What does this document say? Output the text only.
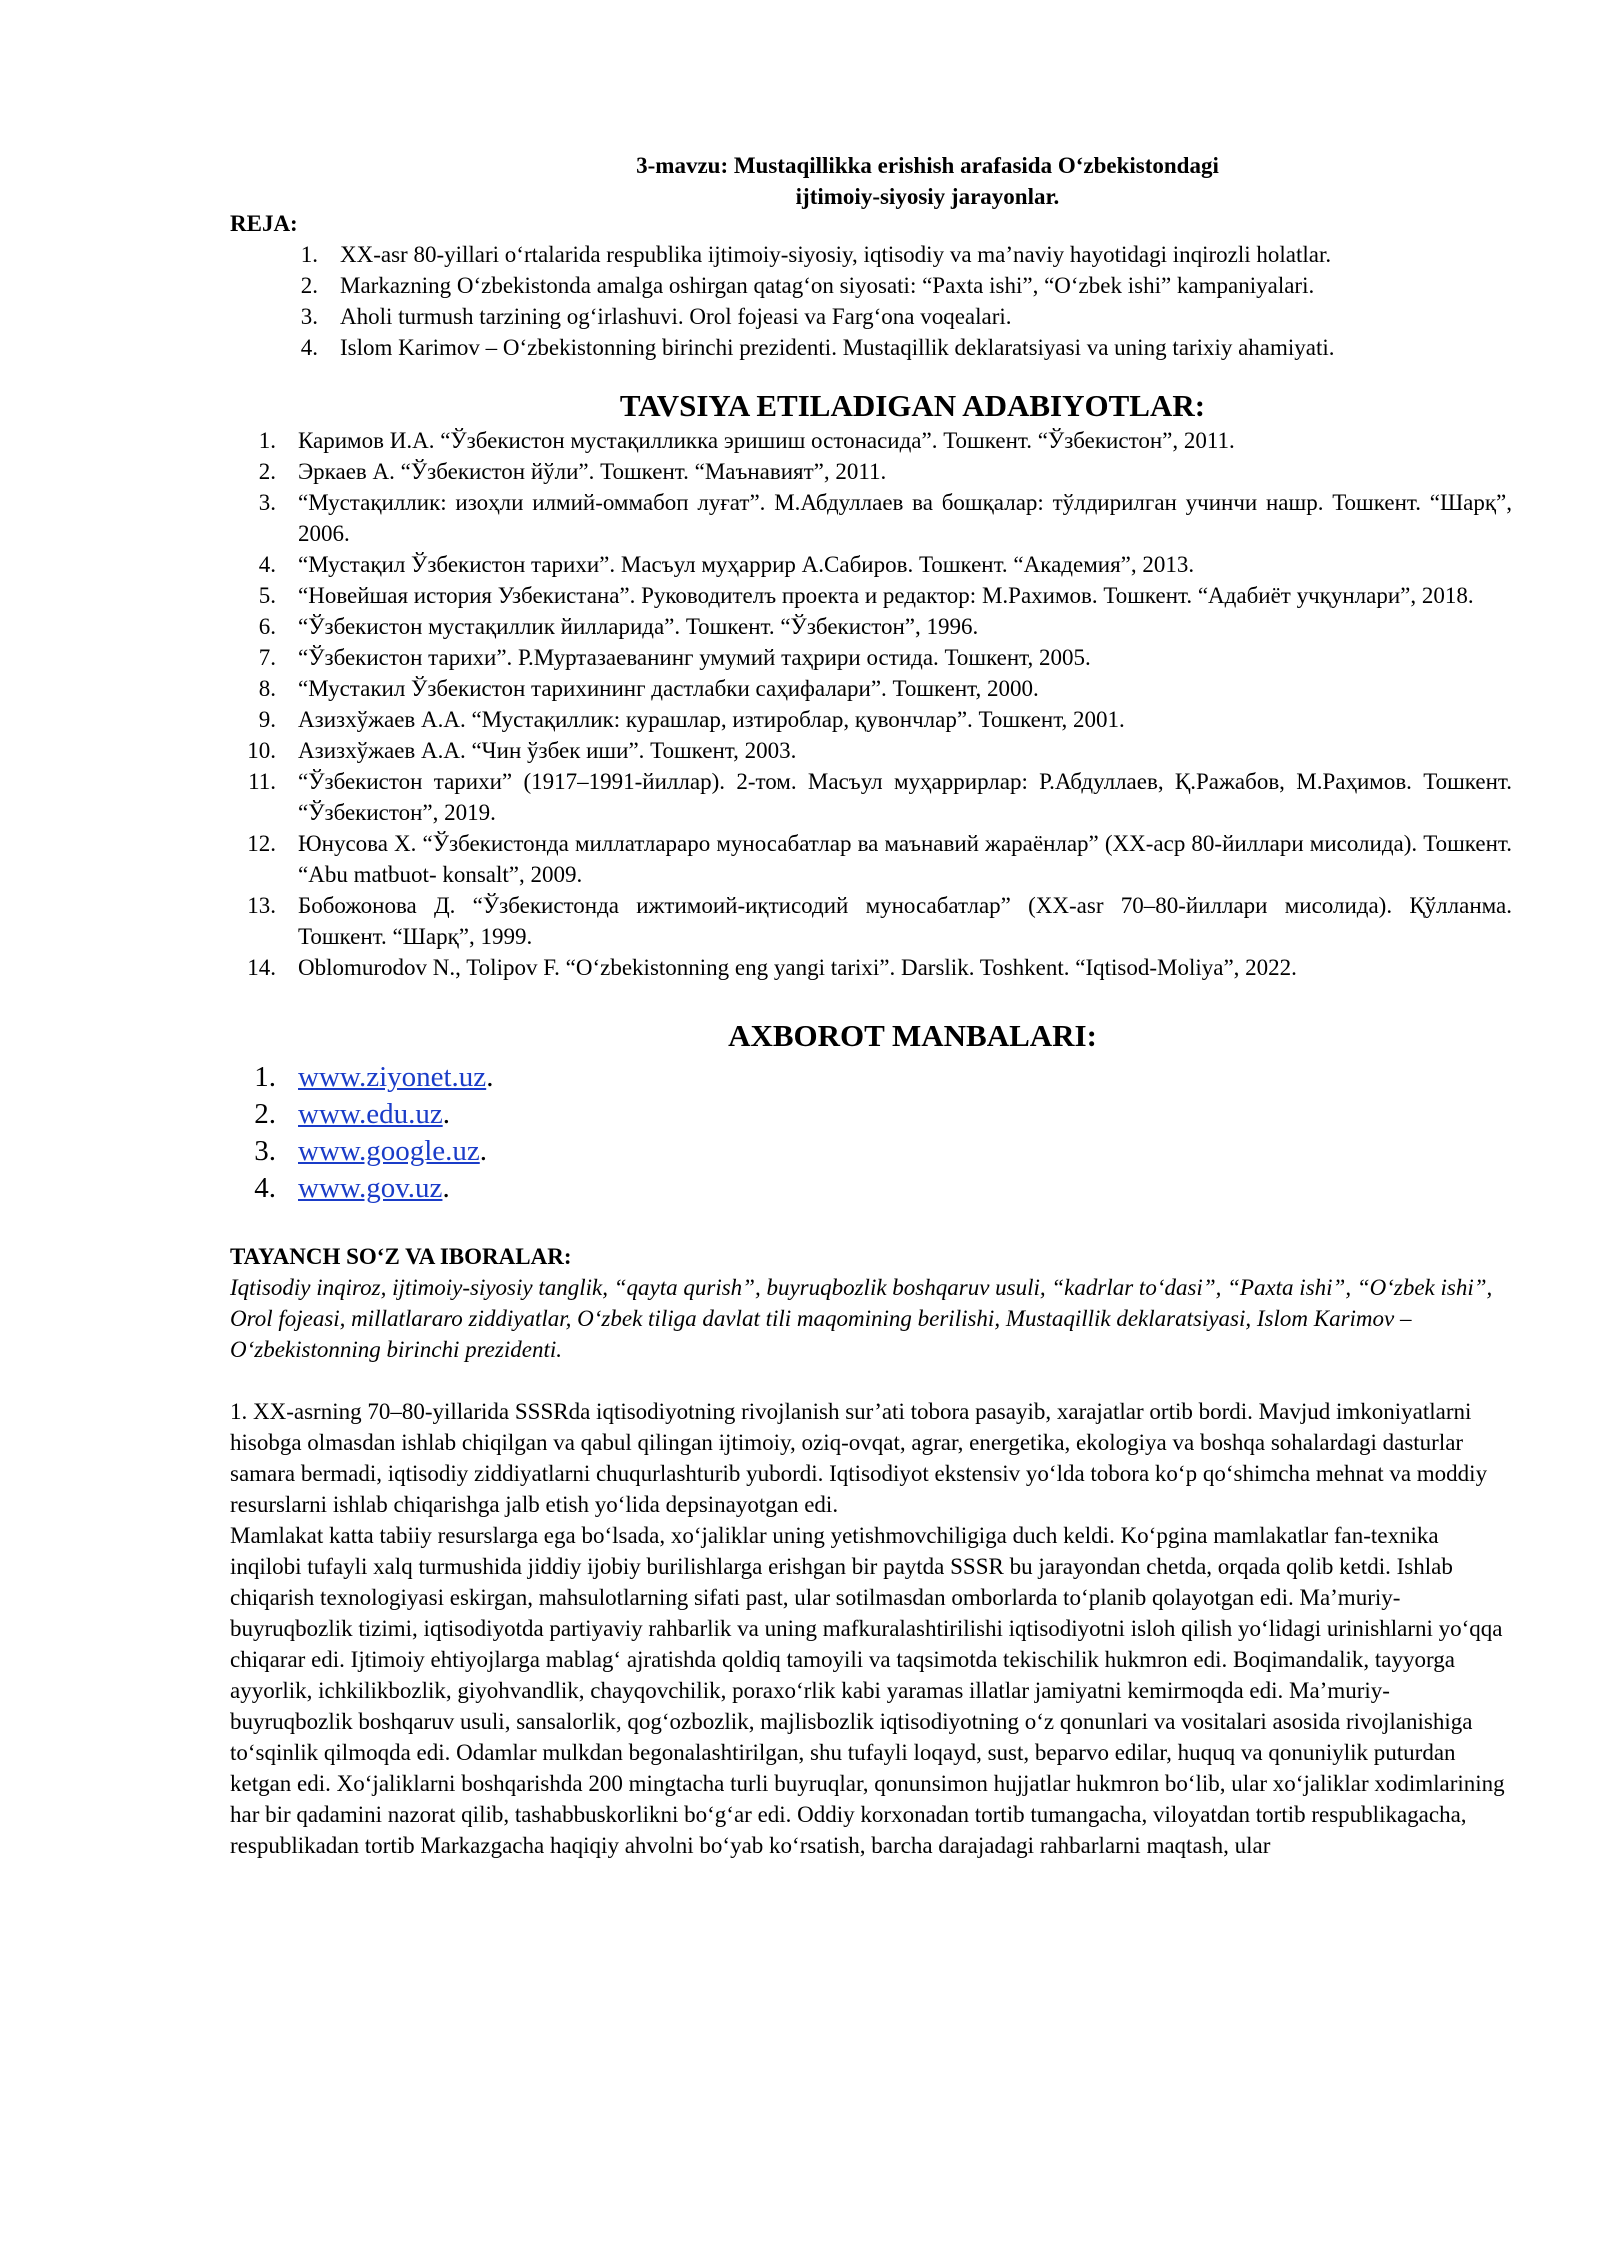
3-mavzu: Mustaqillikka erishish arafasida O‘zbekistondagi
ijtimoiy-siyosiy jarayonlar.
REJA:
1. XX-asr 80-yillari o‘rtalarida respublika ijtimoiy-siyosiy, iqtisodiy va ma’naviy hayotidagi inqirozli holatlar.
2. Markazning O‘zbekistonda amalga oshirgan qatag‘on siyosati: “Paxta ishi”, “O‘zbek ishi” kampaniyalari.
3. Aholi turmush tarzining og‘irlashuvi. Orol fojeasi va Farg‘ona voqealari.
4. Islom Karimov – O‘zbekistonning birinchi prezidenti. Mustaqillik deklaratsiyasi va uning tarixiy ahamiyati.
TAVSIYA ETILADIGAN ADABIYOTLAR:
1. Каримов И.А. “Ўзбекистон мустақилликка эришиш остонасида”. Тошкент. “Ўзбекистон”, 2011.
2. Эркаев А. “Ўзбекистон йўли”. Тошкент. “Маънавият”, 2011.
3. “Мустақиллик: изоҳли илмий-оммабоп луғат”. М.Абдуллаев ва бошқалар: тўлдирилган учинчи нашр. Тошкент. “Шарқ”, 2006.
4. “Мустақил Ўзбекистон тарихи”. Масъул муҳаррир А.Сабиров. Тошкент. “Академия”, 2013.
5. “Новейшая история Узбекистана”. Руководителъ проекта и редактор: М.Рахимов. Тошкент. “Адабиёт учқунлари”, 2018.
6. “Ўзбекистон мустақиллик йилларида”. Тошкент. “Ўзбекистон”, 1996.
7. “Ўзбекистон тарихи”. Р.Муртазаеванинг умумий таҳрири остида. Тошкент, 2005.
8. “Мустакил Ўзбекистон тарихининг дастлабки саҳифалари”. Тошкент, 2000.
9. Азизхўжаев А.А. “Мустақиллик: курашлар, изтироблар, қувончлар”. Тошкент, 2001.
10. Азизхўжаев А.А. “Чин ўзбек иши”. Тошкент, 2003.
11. “Ўзбекистон тарихи” (1917–1991-йиллар). 2-том. Масъул муҳаррирлар: Р.Абдуллаев, Қ.Ражабов, М.Раҳимов. Тошкент. “Ўзбекистон”, 2019.
12. Юнусова Х. “Ўзбекистонда миллатлараро муносабатлар ва маънавий жараёнлар” (XX-аср 80-йиллари мисолида). Тошкент. “Abu matbuot- konsalt”, 2009.
13. Бобожонова Д. “Ўзбекистонда ижтимоий-иқтисодий муносабатлар” (XX-asr 70–80-йиллари мисолида). Қўлланма. Тошкент. “Шарқ”, 1999.
14. Oblomurodov N., Tolipov F. “O‘zbekistonning eng yangi tarixi”. Darslik. Toshkent. “Iqtisod-Moliya”, 2022.
AXBOROT MANBALARI:
1. www.ziyonet.uz .
2. www.edu.uz .
3. www.google.uz .
4. www.gov.uz .
TAYANCH SO‘Z VA IBORALAR:

Iqtisodiy inqiroz, ijtimoiy-siyosiy tanglik, “qayta qurish”, buyruqbozlik boshqaruv usuli, “kadrlar to‘dasi”, “Paxta ishi”, “O‘zbek ishi”, Orol fojeasi, millatlararo ziddiyatlar, O‘zbek tiliga davlat tili maqomining berilishi, Mustaqillik deklaratsiyasi, Islom Karimov – O‘zbekistonning birinchi prezidenti.

1. XX-asrning 70–80-yillarida SSSRda iqtisodiyotning rivojlanish sur’ati tobora pasayib, xarajatlar ortib bordi. Mavjud imkoniyatlarni hisobga olmasdan ishlab chiqilgan va qabul qilingan ijtimoiy, oziq-ovqat, agrar, energetika, ekologiya va boshqa sohalardagi dasturlar samara bermadi, iqtisodiy ziddiyatlarni chuqurlashturib yubordi. Iqtisodiyot ekstensiv yo‘lda tobora ko‘p qo‘shimcha mehnat va moddiy resurslarni ishlab chiqarishga jalb etish yo‘lida depsinayotgan edi.

Mamlakat katta tabiiy resurslarga ega bo‘lsada, xo‘jaliklar uning yetishmovchiligiga duch keldi. Ko‘pgina mamlakatlar fan-texnika inqilobi tufayli xalq turmushida jiddiy ijobiy burilishlarga erishgan bir paytda SSSR bu jarayondan chetda, orqada qolib ketdi. Ishlab chiqarish texnologiyasi eskirgan, mahsulotlarning sifati past, ular sotilmasdan omborlarda to‘planib qolayotgan edi. Ma’muriy-buyruqbozlik tizimi, iqtisodiyotda partiyaviy rahbarlik va uning mafkuralashtirilishi iqtisodiyotni isloh qilish yo‘lidagi urinishlarni yo‘qqa chiqarar edi. Ijtimoiy ehtiyojlarga mablag‘ ajratishda qoldiq tamoyili va taqsimotda tekischilik hukmron edi. Boqimandalik, tayyorga ayyorlik, ichkilikbozlik, giyohvandlik, chayqovchilik, poraxo‘rlik kabi yaramas illatlar jamiyatni kemirmoqda edi. Ma’muriy-buyruqbozlik boshqaruv usuli, sansalorlik, qog‘ozbozlik, majlisbozlik iqtisodiyotning o‘z qonunlari va vositalari asosida rivojlanishiga to‘sqinlik qilmoqda edi. Odamlar mulkdan begonalashtirilgan, shu tufayli loqayd, sust, beparvo edilar, huquq va qonuniylik puturdan ketgan edi. Xo‘jaliklarni boshqarishda 200 mingtacha turli buyruqlar, qonunsimon hujjatlar hukmron bo‘lib, ular xo‘jaliklar xodimlarining har bir qadamini nazorat qilib, tashabbuskorlikni bo‘g‘ar edi. Oddiy korxonadan tortib tumangacha, viloyatdan tortib respublikagacha, respublikadan tortib Markazgacha haqiqiy ahvolni bo‘yab ko‘rsatish, barcha darajadagi rahbarlarni maqtash, ular
